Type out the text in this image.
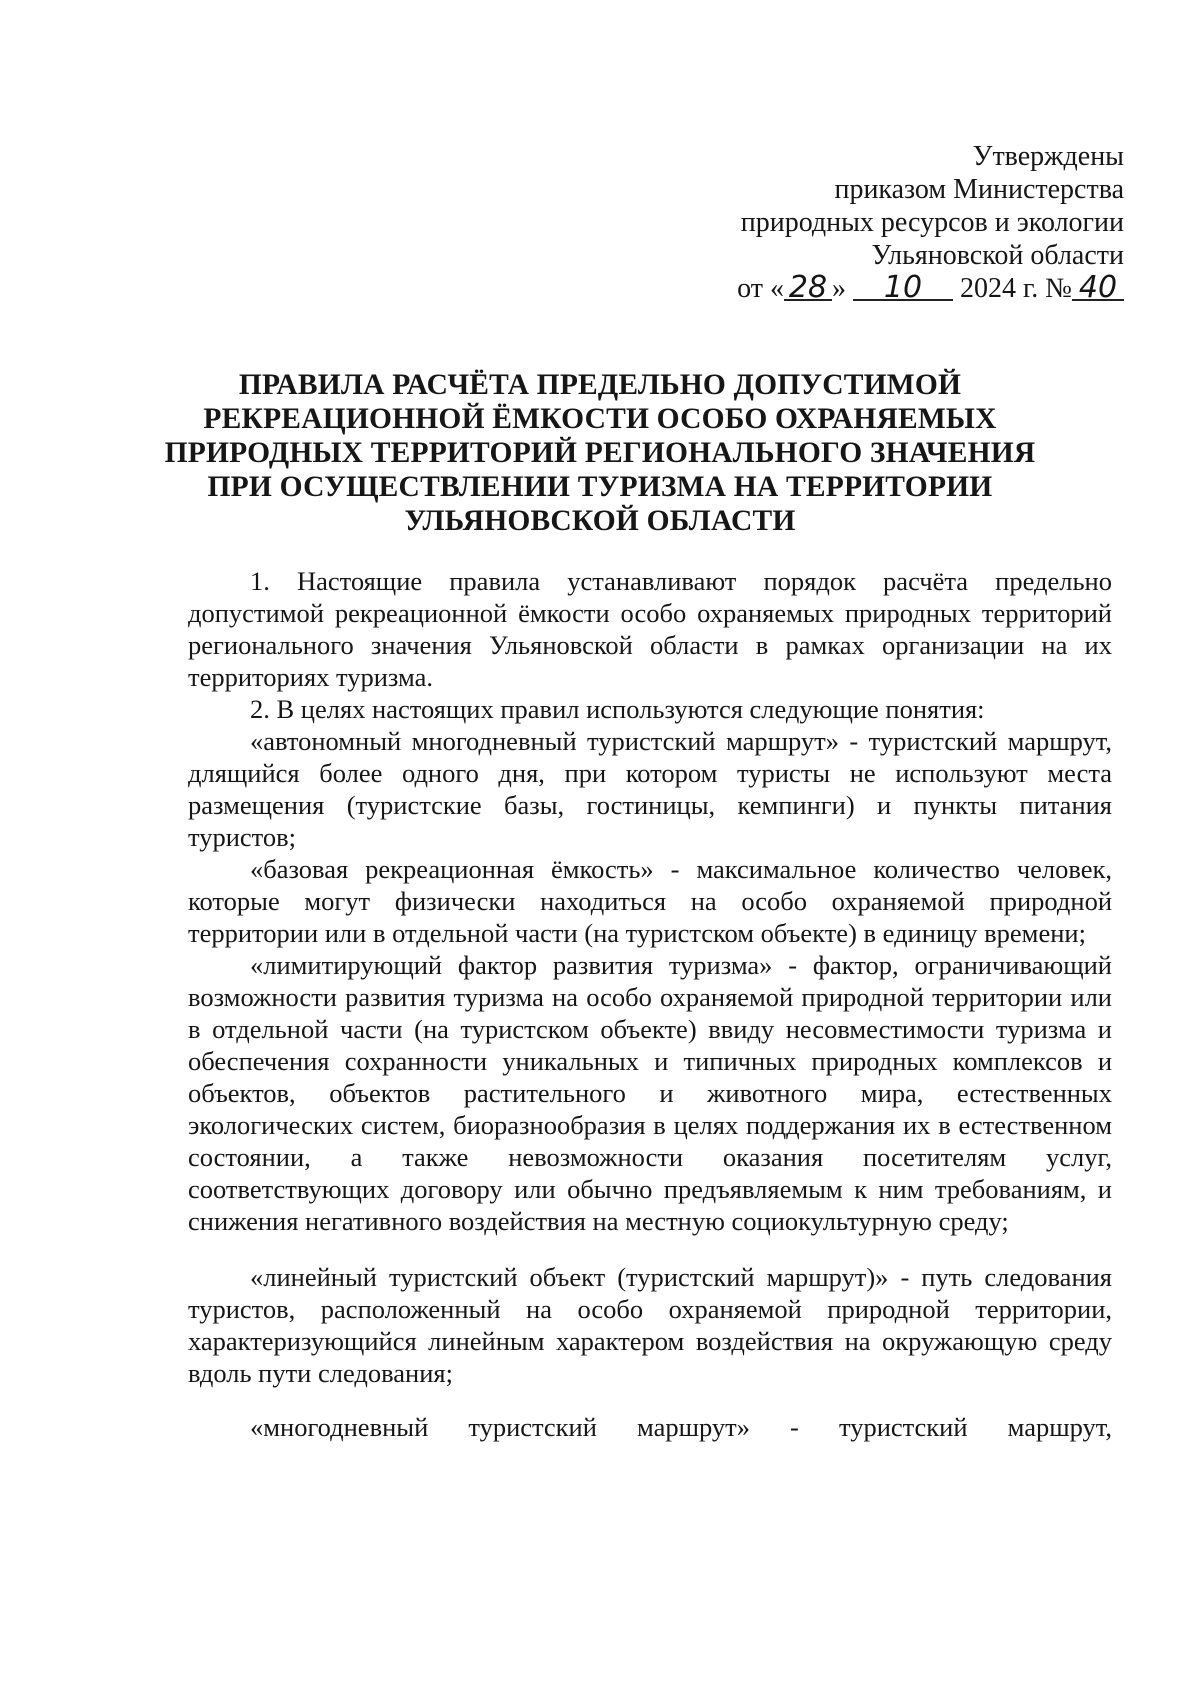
Утверждены
приказом Министерства
природных ресурсов и экологии
Ульяновской области
от « 28 » 10 2024 г. № 40
ПРАВИЛА РАСЧЁТА ПРЕДЕЛЬНО ДОПУСТИМОЙ
РЕКРЕАЦИОННОЙ ЁМКОСТИ ОСОБО ОХРАНЯЕМЫХ
ПРИРОДНЫХ ТЕРРИТОРИЙ РЕГИОНАЛЬНОГО ЗНАЧЕНИЯ
ПРИ ОСУЩЕСТВЛЕНИИ ТУРИЗМА НА ТЕРРИТОРИИ
УЛЬЯНОВСКОЙ ОБЛАСТИ

1. Настоящие правила устанавливают порядок расчёта предельно допустимой рекреационной ёмкости особо охраняемых природных территорий регионального значения Ульяновской области в рамках организации на их территориях туризма.

2. В целях настоящих правил используются следующие понятия:

«автономный многодневный туристский маршрут» - туристский маршрут, длящийся более одного дня, при котором туристы не используют места размещения (туристские базы, гостиницы, кемпинги) и пункты питания туристов;

«базовая рекреационная ёмкость» - максимальное количество человек, которые могут физически находиться на особо охраняемой природной территории или в отдельной части (на туристском объекте) в единицу времени;

«лимитирующий фактор развития туризма» - фактор, ограничивающий возможности развития туризма на особо охраняемой природной территории или в отдельной части (на туристском объекте) ввиду несовместимости туризма и обеспечения сохранности уникальных и типичных природных комплексов и объектов, объектов растительного и животного мира, естественных экологических систем, биоразнообразия в целях поддержания их в естественном состоянии, а также невозможности оказания посетителям услуг, соответствующих договору или обычно предъявляемым к ним требованиям, и снижения негативного воздействия на местную социокультурную среду;

«линейный туристский объект (туристский маршрут)» - путь следования туристов, расположенный на особо охраняемой природной территории, характеризующийся линейным характером воздействия на окружающую среду вдоль пути следования;

«многодневный туристский маршрут» - туристский маршрут,
